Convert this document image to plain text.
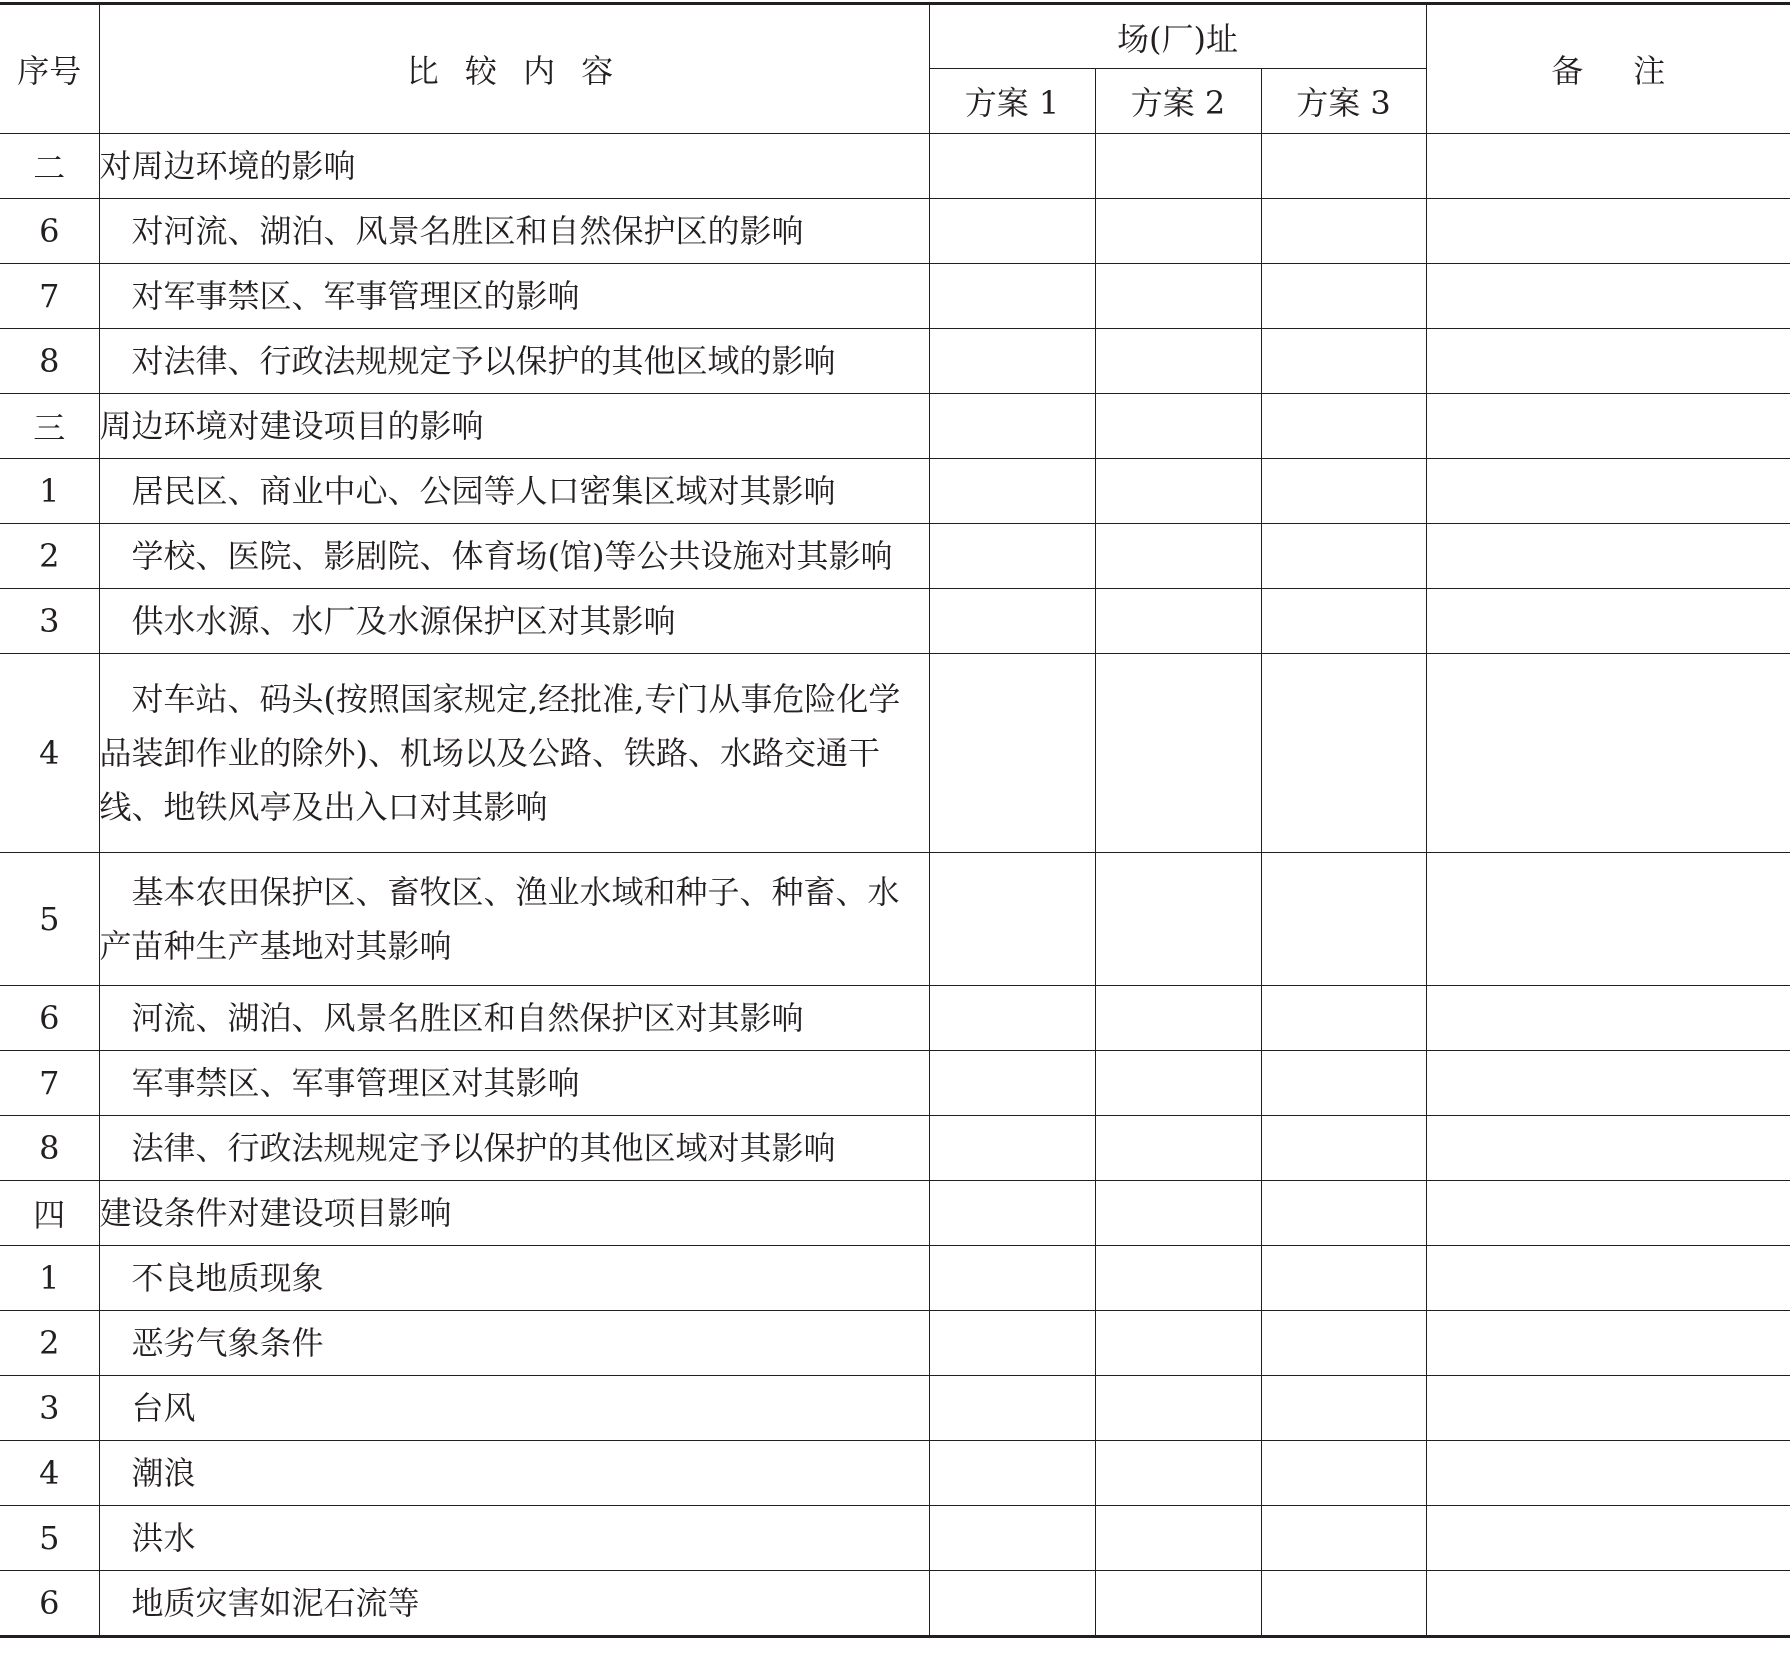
序号	比 较 内 容	场(厂)址			备 注
		方案 1	方案 2	方案 3	
二	对周边环境的影响				
6	对河流、湖泊、风景名胜区和自然保护区的影响				
7	对军事禁区、军事管理区的影响				
8	对法律、行政法规规定予以保护的其他区域的影响				
三	周边环境对建设项目的影响				
1	居民区、商业中心、公园等人口密集区域对其影响				
2	学校、医院、影剧院、体育场(馆)等公共设施对其影响				
3	供水水源、水厂及水源保护区对其影响				
4	对车站、码头(按照国家规定,经批准,专门从事危险化学品装卸作业的除外)、机场以及公路、铁路、水路交通干线、地铁风亭及出入口对其影响				
5	基本农田保护区、畜牧区、渔业水域和种子、种畜、水产苗种生产基地对其影响				
6	河流、湖泊、风景名胜区和自然保护区对其影响				
7	军事禁区、军事管理区对其影响				
8	法律、行政法规规定予以保护的其他区域对其影响				
四	建设条件对建设项目影响				
1	不良地质现象				
2	恶劣气象条件				
3	台风				
4	潮浪				
5	洪水				
6	地质灾害如泥石流等				
